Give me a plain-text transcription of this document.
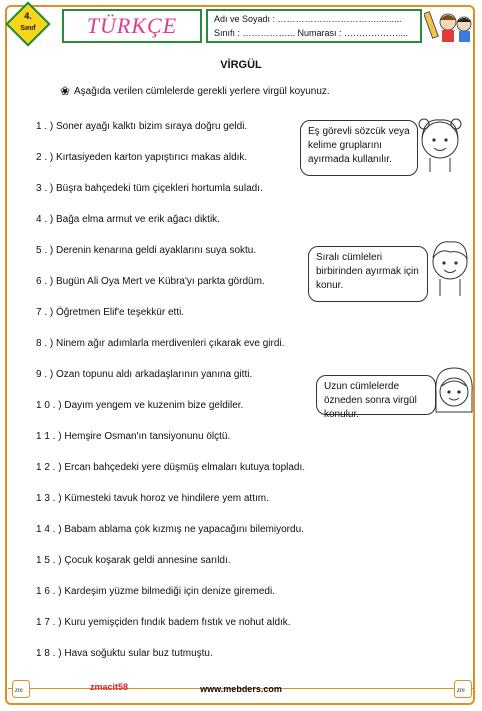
4.
Sınıf	TÜRKÇE	Adı ve Soyadı : ……………………………..........
Sınıfı : ……………... Numarası : ………………....
VİRGÜL
❀ Aşağıda verilen cümlelerde gerekli yerlere virgül koyunuz.
1 . ) Soner ayağı kalktı bizim sıraya doğru geldi.
2 . ) Kırtasiyeden karton yapıştırıcı makas aldık.
3 . ) Büşra bahçedeki tüm çiçekleri hortumla suladı.
4 . ) Bağa elma armut ve erik ağacı diktik.
5 . ) Derenin kenarına geldi ayaklarını suya soktu.
6 . ) Bugün Ali Oya Mert ve Kübra'yı parkta gördüm.
7 . ) Öğretmen Elif'e teşekkür etti.
8 . ) Ninem ağır adımlarla merdivenleri çıkarak eve girdi.
9 . ) Ozan topunu aldı arkadaşlarının yanına gitti.
1 0 . ) Dayım yengem ve kuzenim bize geldiler.
1 1 . ) Hemşire Osman'ın tansiyonunu ölçtü.
1 2 . ) Ercan bahçedeki yere düşmüş elmaları kutuya topladı.
1 3 . ) Kümesteki tavuk horoz ve hindilere yem attım.
1 4 . ) Babam ablama çok kızmış ne yapacağını bilemiyordu.
1 5 . ) Çocuk koşarak geldi annesine sarıldı.
1 6 . ) Kardeşim yüzme bilmediği için denize giremedi.
1 7 . ) Kuru yemişçiden fındık badem fıstık ve nohut aldık.
1 8 . ) Hava soğuktu sular buz tutmuştu.
Eş görevli sözcük veya kelime gruplarını ayırmada kullanılır.
Sıralı cümleleri birbirinden ayırmak için konur.
Uzun cümlelerde özneden sonra virgül konulur.
zm	zmacit58	www.mebders.com	zm
